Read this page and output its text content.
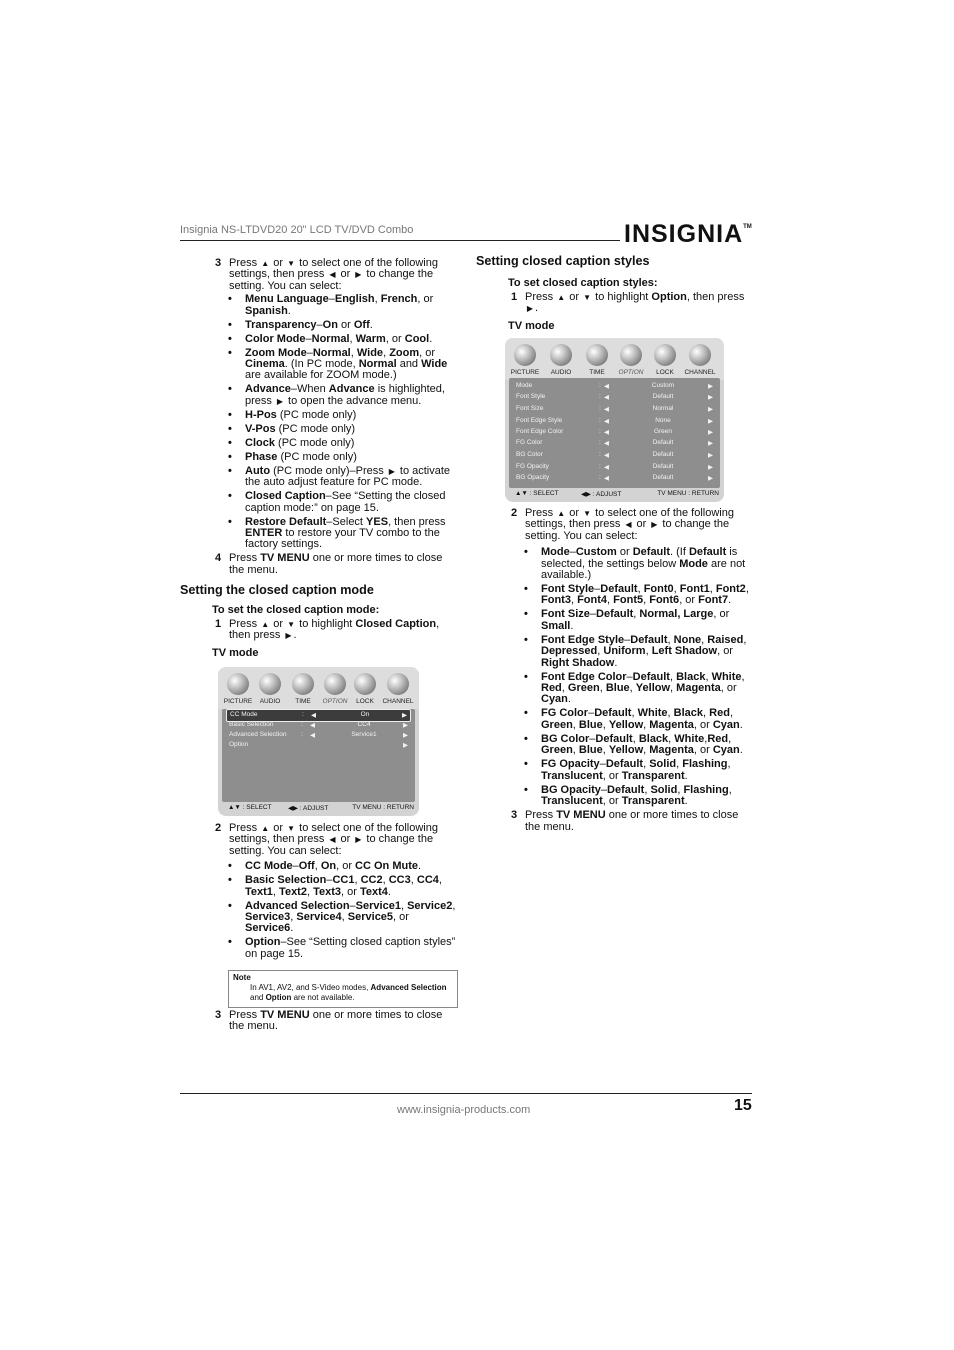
Insignia NS-LTDVD20 20" LCD TV/DVD Combo	INSIGNIA™
3 Press ▲ or ▼ to select one of the following settings, then press ◀ or ▶ to change the setting. You can select:
• Menu Language–English, French, or Spanish.
• Transparency–On or Off.
• Color Mode–Normal, Warm, or Cool.
• Zoom Mode–Normal, Wide, Zoom, or Cinema. (In PC mode, Normal and Wide are available for ZOOM mode.)
• Advance–When Advance is highlighted, press ▶ to open the advance menu.
• H-Pos (PC mode only)
• V-Pos (PC mode only)
• Clock (PC mode only)
• Phase (PC mode only)
• Auto (PC mode only)–Press ▶ to activate the auto adjust feature for PC mode.
• Closed Caption–See “Setting the closed caption mode:” on page 15.
• Restore Default–Select YES, then press ENTER to restore your TV combo to the factory settings.
4 Press TV MENU one or more times to close the menu.
Setting the closed caption mode
To set the closed caption mode:
1 Press ▲ or ▼ to highlight Closed Caption, then press ▶ .
TV mode
PICTURE	AUDIO	TIME	OPTION	LOCK	CHANNEL
CC Mode	: ◀	On	▶
Basic Selection	: ◀	CC4	▶
Advanced Selection : ◀	Service1	▶
Option	▶
▲▼ : SELECT	◀▶ : ADJUST	TV MENU : RETURN
2 Press ▲ or ▼ to select one of the following settings, then press ◀ or ▶ to change the setting. You can select:
• CC Mode–Off, On, or CC On Mute.
• Basic Selection–CC1, CC2, CC3, CC4, Text1, Text2, Text3, or Text4.
• Advanced Selection–Service1, Service2, Service3, Service4, Service5, or Service6.
• Option–See “Setting closed caption styles” on page 15.
Note
In AV1, AV2, and S-Video modes, Advanced Selection and Option are not available.
3 Press TV MENU one or more times to close the menu.
Setting closed caption styles
To set closed caption styles:
1 Press ▲ or ▼ to highlight Option, then press ▶ .
TV mode
PICTURE	AUDIO	TIME	OPTION	LOCK	CHANNEL
Mode	: ◀	Custom	▶
Font Style	: ◀	Default	▶
Font Size	: ◀	Normal	▶
Font Edge Style	: ◀	None	▶
Font Edge Color	: ◀	Green	▶
FG Color	: ◀	Default	▶
BG Color	: ◀	Default	▶
FG Opacity	: ◀	Default	▶
BG Opacity	: ◀	Default	▶
▲▼ : SELECT	◀▶ : ADJUST	TV MENU : RETURN
2 Press ▲ or ▼ to select one of the following settings, then press ◀ or ▶ to change the setting. You can select:
• Mode–Custom or Default. (If Default is selected, the settings below Mode are not available.)
• Font Style–Default, Font0, Font1, Font2, Font3, Font4, Font5, Font6, or Font7.
• Font Size–Default, Normal, Large, or Small.
• Font Edge Style–Default, None, Raised, Depressed, Uniform, Left Shadow, or Right Shadow.
• Font Edge Color–Default, Black, White, Red, Green, Blue, Yellow, Magenta, or Cyan.
• FG Color–Default, White, Black, Red, Green, Blue, Yellow, Magenta, or Cyan.
• BG Color–Default, Black, White,Red, Green, Blue, Yellow, Magenta, or Cyan.
• FG Opacity–Default, Solid, Flashing, Translucent, or Transparent.
• BG Opacity–Default, Solid, Flashing, Translucent, or Transparent.
3 Press TV MENU one or more times to close the menu.
www.insignia-products.com	15
